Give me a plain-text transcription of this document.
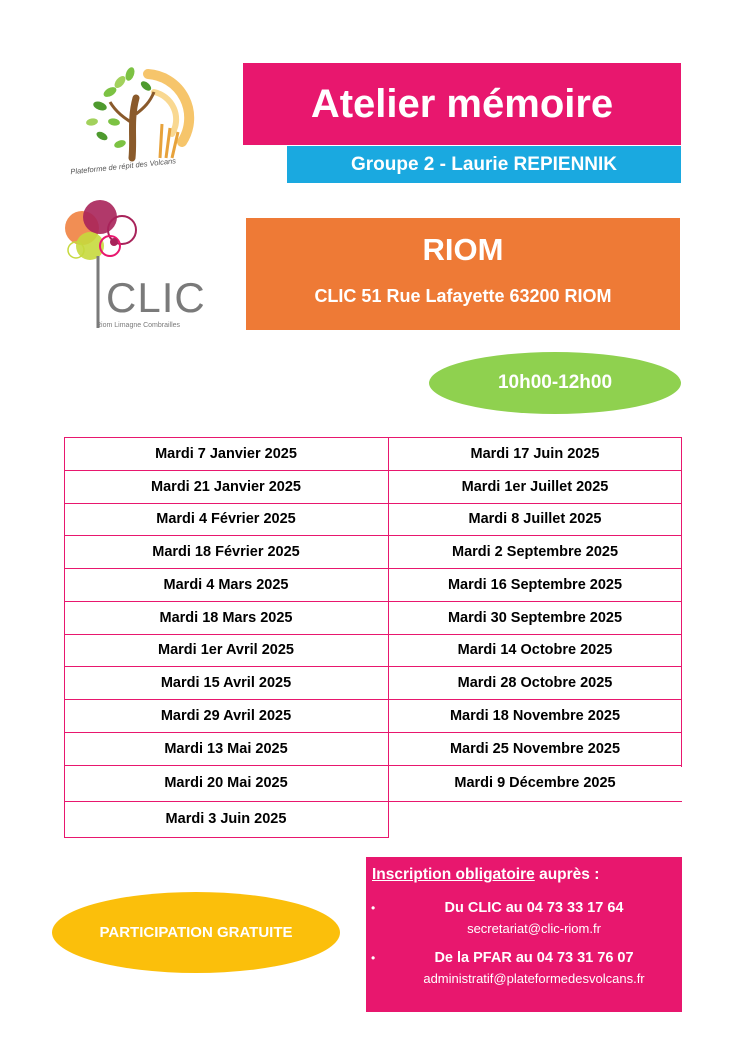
Plateforme de répit des Volcans
CLIC
Riom Limagne Combrailles
Atelier mémoire
Groupe 2 - Laurie REPIENNIK
RIOM
CLIC 51 Rue Lafayette 63200 RIOM
10h00-12h00
Mardi 7 Janvier 2025
Mardi 21 Janvier 2025
Mardi 4 Février 2025
Mardi 18 Février 2025
Mardi 4 Mars 2025
Mardi 18 Mars 2025
Mardi 1er Avril 2025
Mardi 15 Avril 2025
Mardi 29 Avril 2025
Mardi 13 Mai 2025
Mardi 20 Mai 2025
Mardi 3 Juin 2025
Mardi 17 Juin 2025
Mardi 1er Juillet 2025
Mardi 8 Juillet 2025
Mardi 2 Septembre 2025
Mardi 16 Septembre 2025
Mardi 30 Septembre 2025
Mardi 14 Octobre 2025
Mardi 28 Octobre 2025
Mardi 18 Novembre 2025
Mardi 25 Novembre 2025
Mardi 9 Décembre 2025
PARTICIPATION GRATUITE
Inscription obligatoire auprès :
•	Du CLIC au 04 73 33 17 64
secretariat@clic-riom.fr
•	De la PFAR au 04 73 31 76 07
administratif@plateformedesvolcans.fr
